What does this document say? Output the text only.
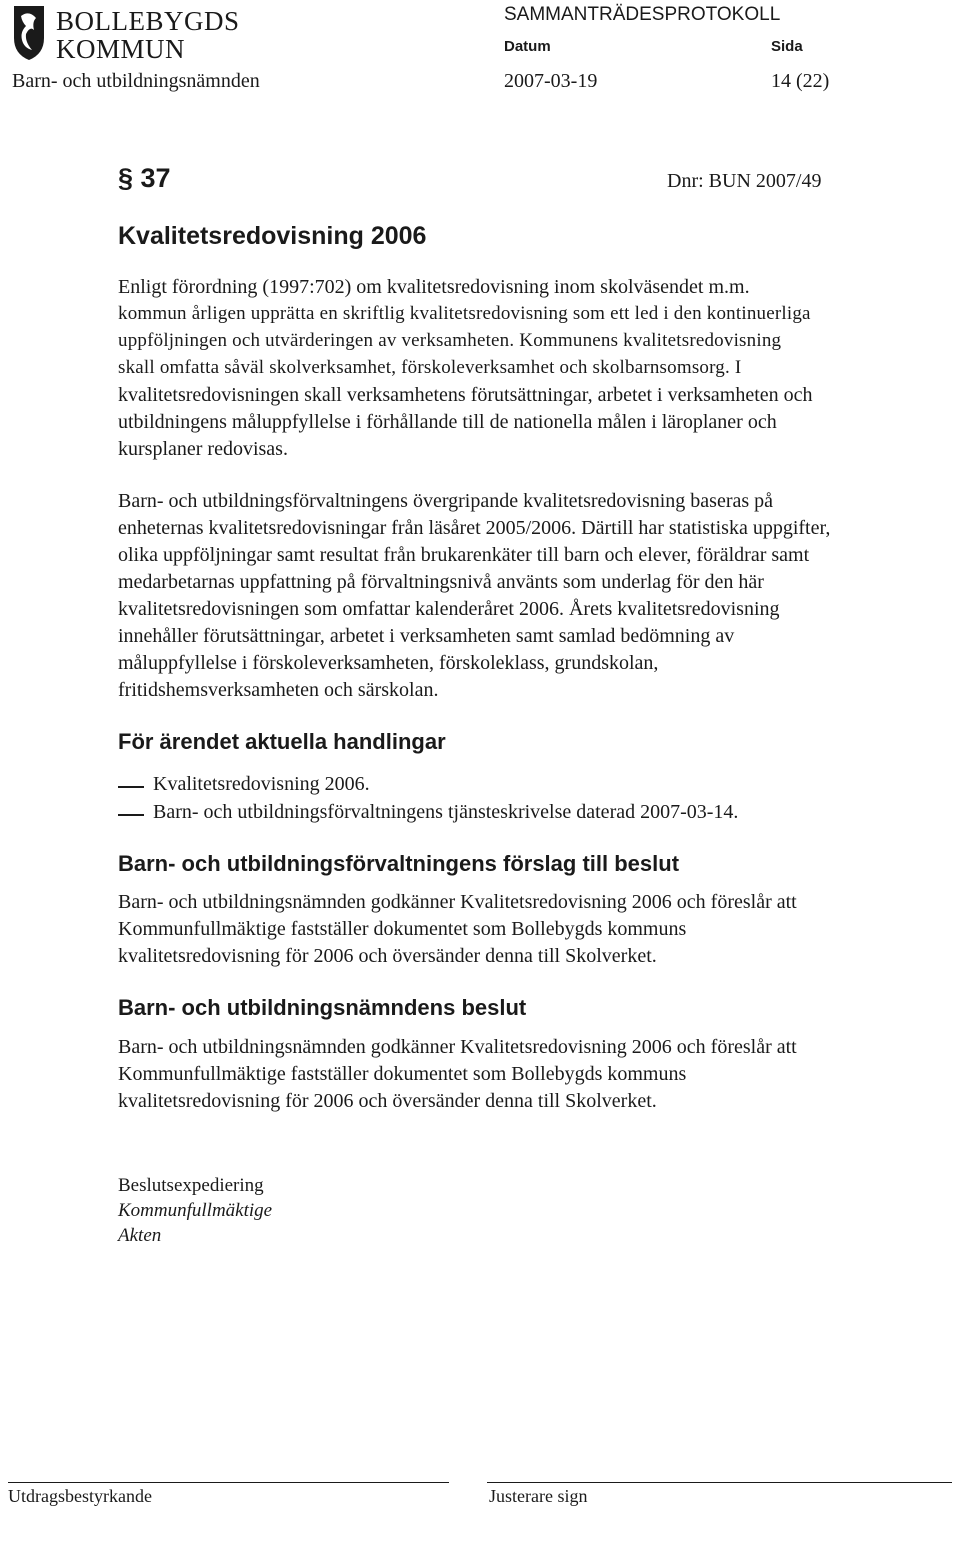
BOLLEBYGDS
KOMMUN
SAMMANTRÄDESPROTOKOLL
Datum	Sida
Barn- och utbildningsnämnden	2007-03-19	14 (22)
§ 37	Dnr: BUN 2007/49
Kvalitetsredovisning 2006
Enligt förordning (1997:702) om kvalitetsredovisning inom skolväsendet m.m.
kommun årligen upprätta en skriftlig kvalitetsredovisning som ett led i den kontinuerliga
uppföljningen och utvärderingen av verksamheten. Kommunens kvalitetsredovisning
skall omfatta såväl skolverksamhet, förskoleverksamhet och skolbarnsomsorg. I
kvalitetsredovisningen skall verksamhetens förutsättningar, arbetet i verksamheten och
utbildningens måluppfyllelse i förhållande till de nationella målen i läroplaner och
kursplaner redovisas.
Barn- och utbildningsförvaltningens övergripande kvalitetsredovisning baseras på
enheternas kvalitetsredovisningar från läsåret 2005/2006. Därtill har statistiska uppgifter,
olika uppföljningar samt resultat från brukarenkäter till barn och elever, föräldrar samt
medarbetarnas uppfattning på förvaltningsnivå använts som underlag för den här
kvalitetsredovisningen som omfattar kalenderåret 2006. Årets kvalitetsredovisning
innehåller förutsättningar, arbetet i verksamheten samt samlad bedömning av
måluppfyllelse i förskoleverksamheten, förskoleklass, grundskolan,
fritidshemsverksamheten och särskolan.
För ärendet aktuella handlingar
Kvalitetsredovisning 2006.
Barn- och utbildningsförvaltningens tjänsteskrivelse daterad 2007-03-14.
Barn- och utbildningsförvaltningens förslag till beslut
Barn- och utbildningsnämnden godkänner Kvalitetsredovisning 2006 och föreslår att
Kommunfullmäktige fastställer dokumentet som Bollebygds kommuns
kvalitetsredovisning för 2006 och översänder denna till Skolverket.
Barn- och utbildningsnämndens beslut
Barn- och utbildningsnämnden godkänner Kvalitetsredovisning 2006 och föreslår att
Kommunfullmäktige fastställer dokumentet som Bollebygds kommuns
kvalitetsredovisning för 2006 och översänder denna till Skolverket.
Beslutsexpediering
Kommunfullmäktige
Akten
Utdragsbestyrkande	Justerare sign
